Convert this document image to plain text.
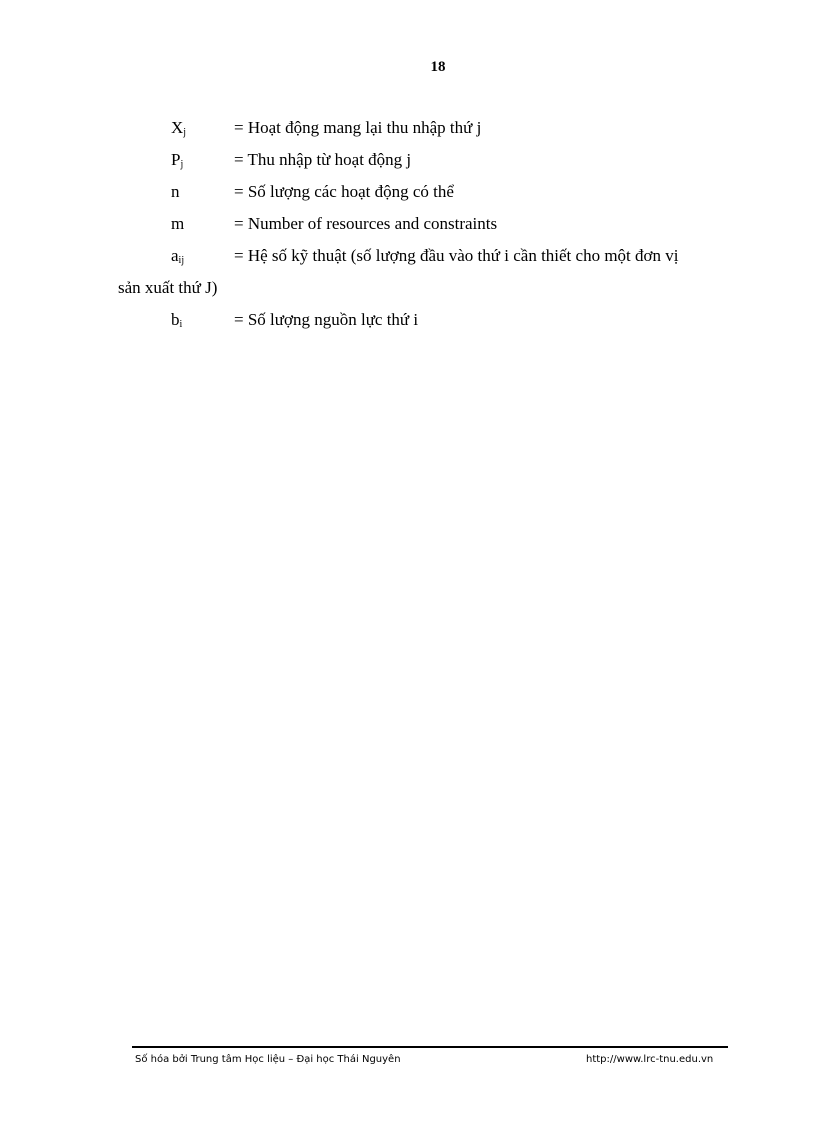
18
$X_j$	= Hoạt động mang lại thu nhập thứ j
$P_j$	= Thu nhập từ hoạt động j
n	= Số lượng các hoạt động có thể
m	= Number of resources and constraints
$a_{ij}$	= Hệ số kỹ thuật (số lượng đầu vào thứ i cần thiết cho một đơn vị
sản xuất thứ J)
$b_i$	= Số lượng nguồn lực thứ i
Số hóa bởi Trung tâm Học liệu – Đại học Thái Nguyên	http://www.lrc-tnu.edu.vn
